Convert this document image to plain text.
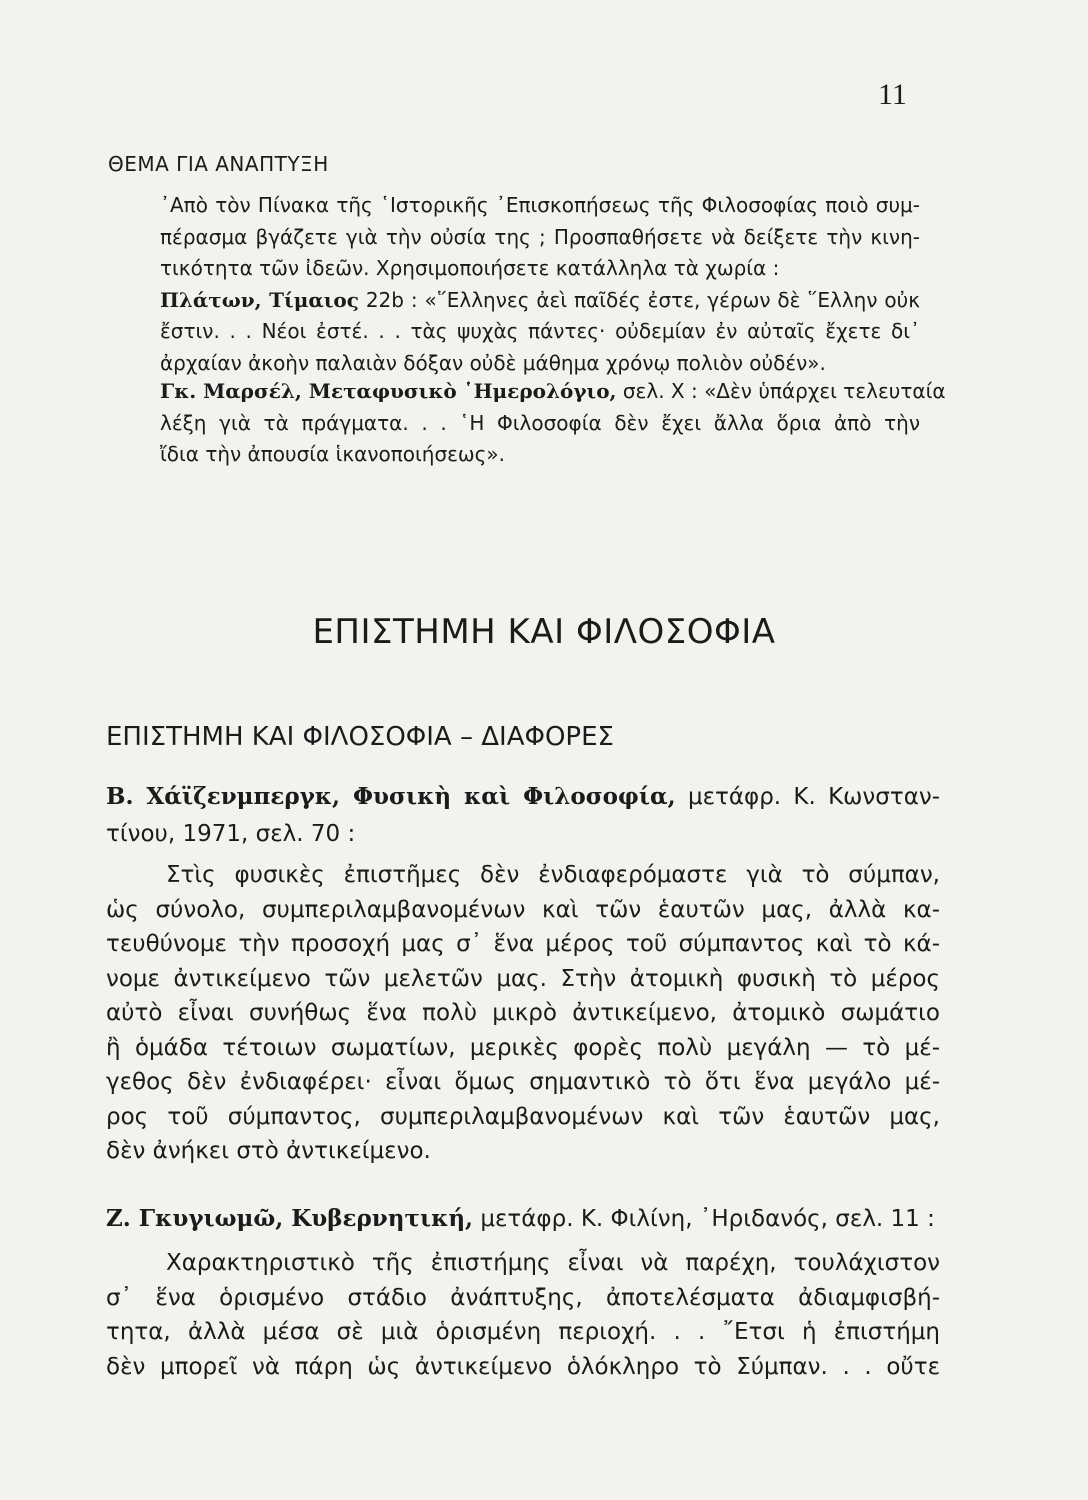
11
ΘΕΜΑ ΓΙΑ ΑΝΑΠΤΥΞΗ
᾽Απὸ τὸν Πίνακα τῆς ῾Ιστορικῆς ᾽Επισκοπήσεως τῆς Φιλοσοφίας ποιὸ συμ-
πέρασμα βγάζετε γιὰ τὴν οὐσία της ; Προσπαθήσετε νὰ δείξετε τὴν κινη-
τικότητα τῶν ἰδεῶν. Χρησιμοποιήσετε κατάλληλα τὰ χωρία :
Πλάτων, Τίμαιος 22b : «῞Ελληνες ἀεὶ παῖδές ἐστε, γέρων δὲ ῞Ελλην οὐκ
ἔστιν. . . Νέοι ἐστέ. . . τὰς ψυχὰς πάντες· οὐδεμίαν ἐν αὐταῖς ἔχετε δι᾽
ἀρχαίαν ἀκοὴν παλαιὰν δόξαν οὐδὲ μάθημα χρόνῳ πολιὸν οὐδέν».
Γκ. Μαρσέλ, Μεταφυσικὸ ῾Ημερολόγιο, σελ. Χ : «Δὲν ὑπάρχει τελευταία
λέξη γιὰ τὰ πράγματα. . . ῾Η Φιλοσοφία δὲν ἔχει ἄλλα ὅρια ἀπὸ τὴν
ἴδια τὴν ἀπουσία ἱκανοποιήσεως».
ΕΠΙΣΤΗΜΗ ΚΑΙ ΦΙΛΟΣΟΦΙΑ
ΕΠΙΣΤΗΜΗ ΚΑΙ ΦΙΛΟΣΟΦΙΑ – ΔΙΑΦΟΡΕΣ
Β. Χάϊζενμπεργκ, Φυσικὴ καὶ Φιλοσοφία, μετάφρ. Κ. Κωνσταν-
τίνου, 1971, σελ. 70 :
Στὶς φυσικὲς ἐπιστῆμες δὲν ἐνδιαφερόμαστε γιὰ τὸ σύμπαν,
ὡς σύνολο, συμπεριλαμβανομένων καὶ τῶν ἑαυτῶν μας, ἀλλὰ κα-
τευθύνομε τὴν προσοχή μας σ᾽ ἕνα μέρος τοῦ σύμπαντος καὶ τὸ κά-
νομε ἀντικείμενο τῶν μελετῶν μας. Στὴν ἀτομικὴ φυσικὴ τὸ μέρος
αὐτὸ εἶναι συνήθως ἕνα πολὺ μικρὸ ἀντικείμενο, ἀτομικὸ σωμάτιο
ἢ ὁμάδα τέτοιων σωματίων, μερικὲς φορὲς πολὺ μεγάλη — τὸ μέ-
γεθος δὲν ἐνδιαφέρει· εἶναι ὅμως σημαντικὸ τὸ ὅτι ἕνα μεγάλο μέ-
ρος τοῦ σύμπαντος, συμπεριλαμβανομένων καὶ τῶν ἑαυτῶν μας,
δὲν ἀνήκει στὸ ἀντικείμενο.
Ζ. Γκυγιωμῶ, Κυβερνητική, μετάφρ. Κ. Φιλίνη, ᾽Ηριδανός, σελ. 11 :
Χαρακτηριστικὸ τῆς ἐπιστήμης εἶναι νὰ παρέχη, τουλάχιστον
σ᾽ ἕνα ὁρισμένο στάδιο ἀνάπτυξης, ἀποτελέσματα ἀδιαμφισβή-
τητα, ἀλλὰ μέσα σὲ μιὰ ὁρισμένη περιοχή. . . ῎Ετσι ἡ ἐπιστήμη
δὲν μπορεῖ νὰ πάρη ὡς ἀντικείμενο ὁλόκληρο τὸ Σύμπαν. . . οὔτε
